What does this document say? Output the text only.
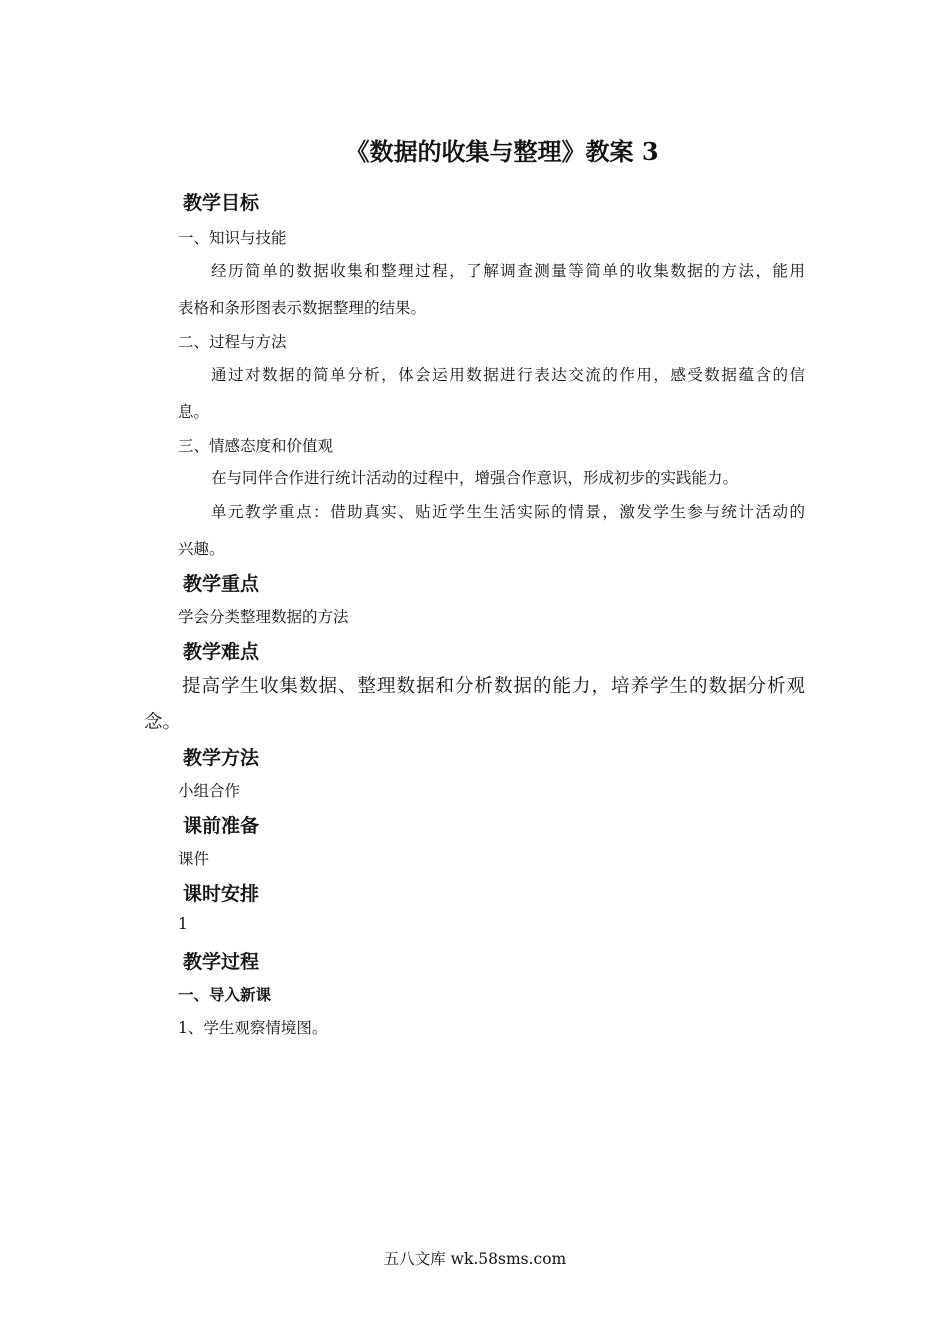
《数据的收集与整理》教案 3
教学目标
一、知识与技能
经历简单的数据收集和整理过程，了解调查测量等简单的收集数据的方法，能用
表格和条形图表示数据整理的结果。
二、过程与方法
通过对数据的简单分析，体会运用数据进行表达交流的作用，感受数据蕴含的信
息。
三、情感态度和价值观
在与同伴合作进行统计活动的过程中，增强合作意识，形成初步的实践能力。
单元教学重点：借助真实、贴近学生生活实际的情景，激发学生参与统计活动的
兴趣。
教学重点
学会分类整理数据的方法
教学难点
提高学生收集数据、整理数据和分析数据的能力，培养学生的数据分析观
念。
教学方法
小组合作
课前准备
课件
课时安排
1
教学过程
一、导入新课
1、学生观察情境图。
五八文库 wk.58sms.com
